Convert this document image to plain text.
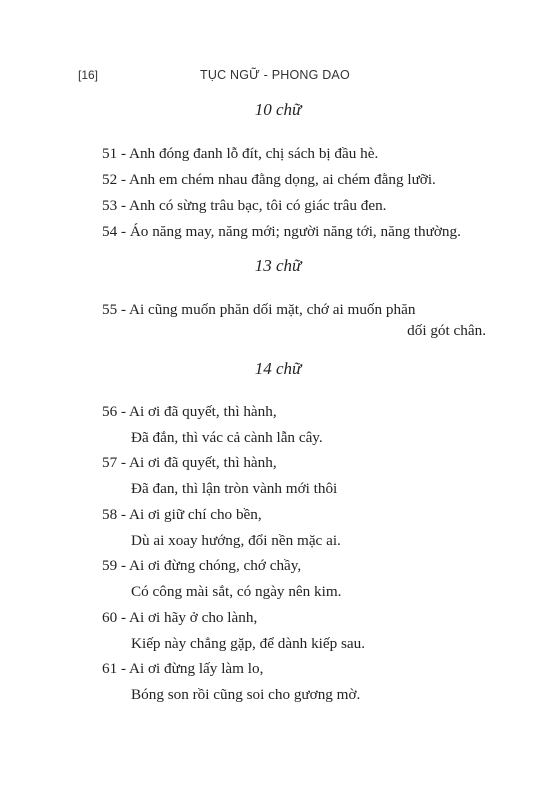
[16]	TỤC NGỮ - PHONG DAO
10 chữ
51 - Anh đóng đanh lỗ đít, chị sách bị đầu hè.
52 - Anh em chém nhau đằng dọng, ai chém đằng lưỡi.
53 - Anh có sừng trâu bạc, tôi có giác trâu đen.
54 - Áo năng may, năng mới; người năng tới, năng thường.
13 chữ
55 - Ai cũng muốn phăn dối mặt, chớ ai muốn phăn
dối gót chân.
14 chữ
56 - Ai ơi đã quyết, thì hành,
Đã đắn, thì vác cả cành lẫn cây.
57 - Ai ơi đã quyết, thì hành,
Đã đan, thì lận tròn vành mới thôi
58 - Ai ơi giữ chí cho bền,
Dù ai xoay hướng, đổi nền mặc ai.
59 - Ai ơi đừng chóng, chớ chầy,
Có công mài sắt, có ngày nên kim.
60 - Ai ơi hãy ở cho lành,
Kiếp này chẳng gặp, để dành kiếp sau.
61 - Ai ơi đừng lấy làm lo,
Bóng son rồi cũng soi cho gương mờ.
